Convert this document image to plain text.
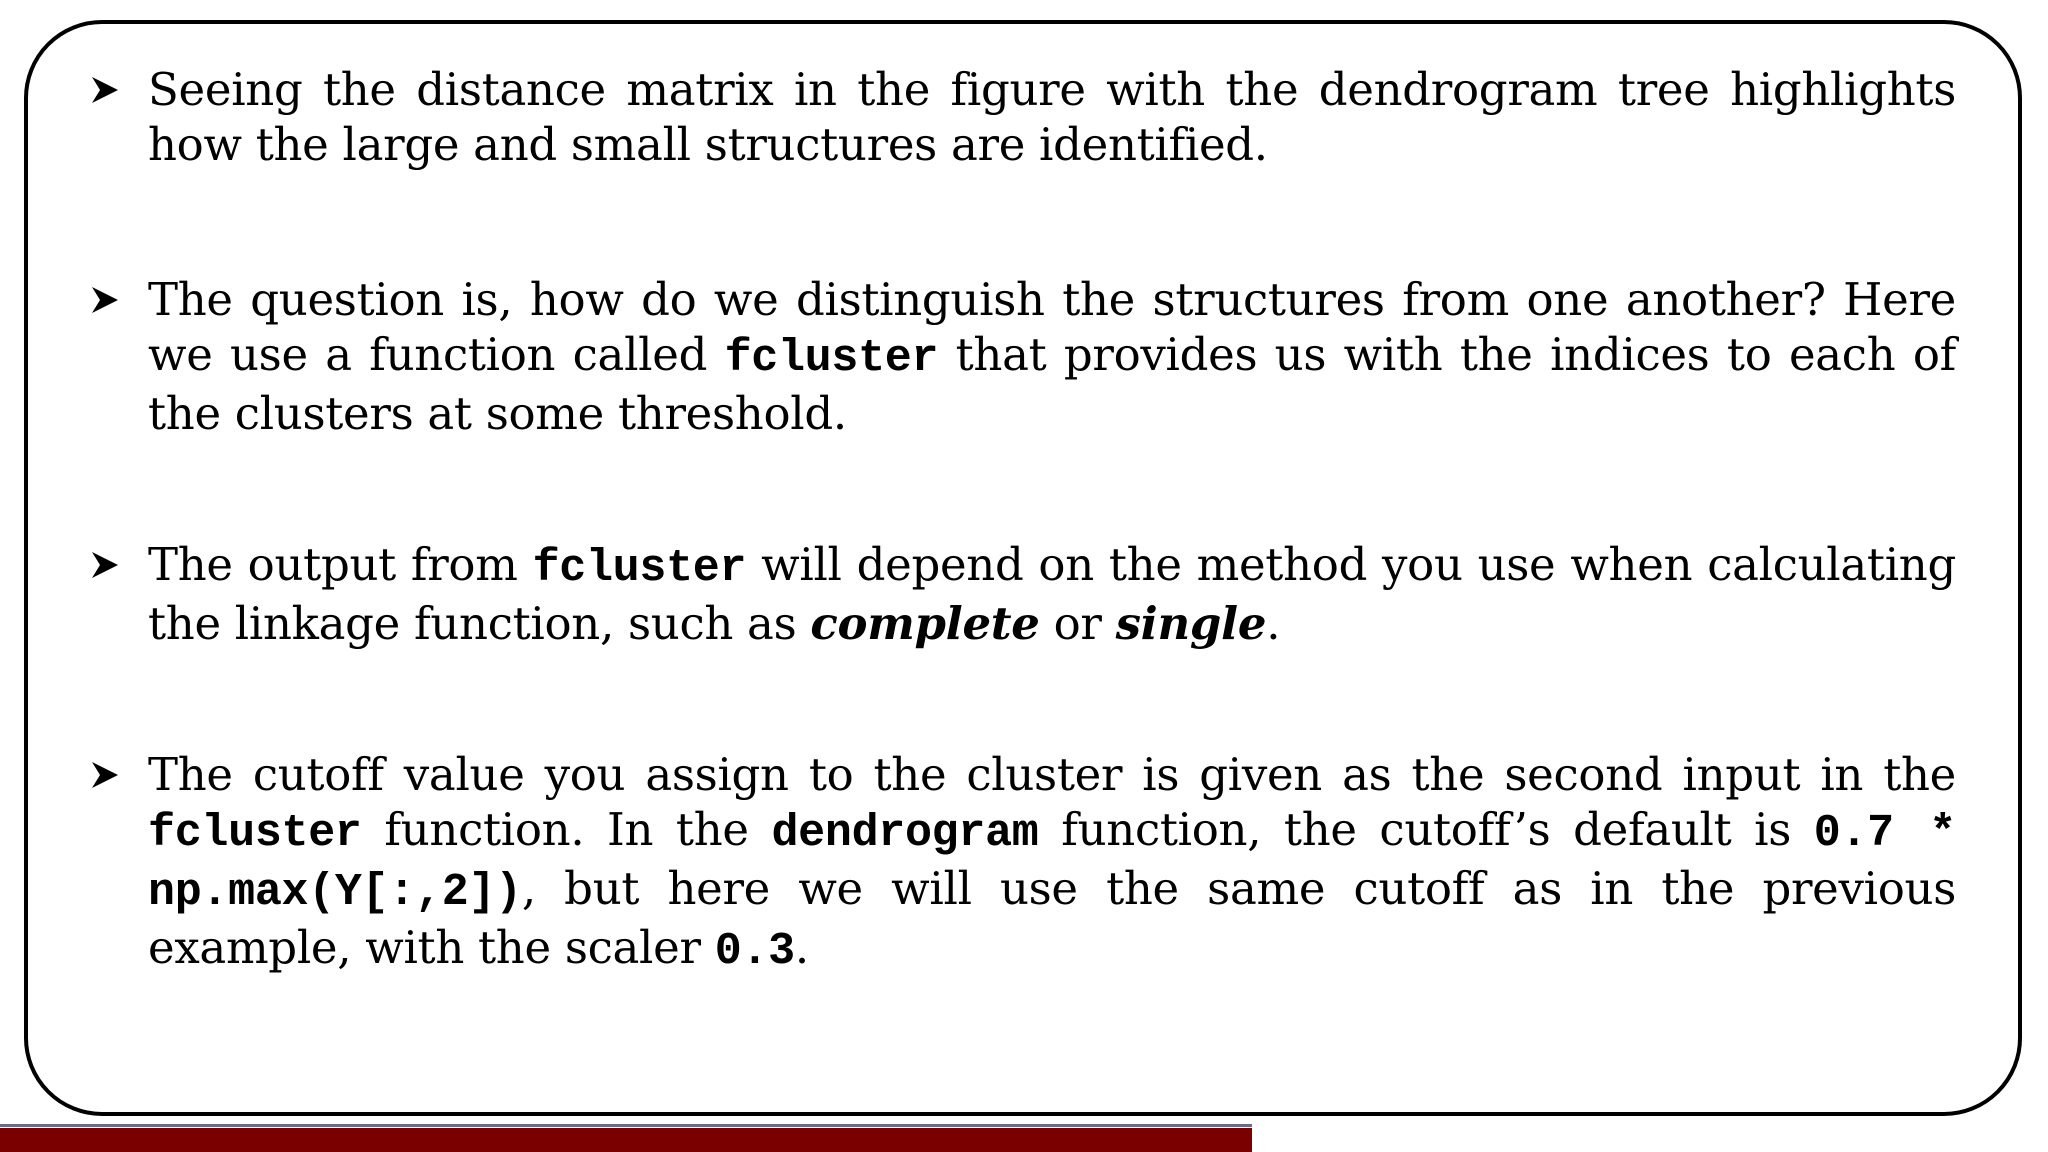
Seeing the distance matrix in the figure with the dendrogram tree highlights how the large and small structures are identified.
The question is, how do we distinguish the structures from one another? Here we use a function called fcluster that provides us with the indices to each of the clusters at some threshold.
The output from fcluster will depend on the method you use when calculating the linkage function, such as complete or single.
The cutoff value you assign to the cluster is given as the second input in the fcluster function. In the dendrogram function, the cutoff’s default is 0.7 * np.max(Y[:,2]), but here we will use the same cutoff as in the previous example, with the scaler 0.3.
